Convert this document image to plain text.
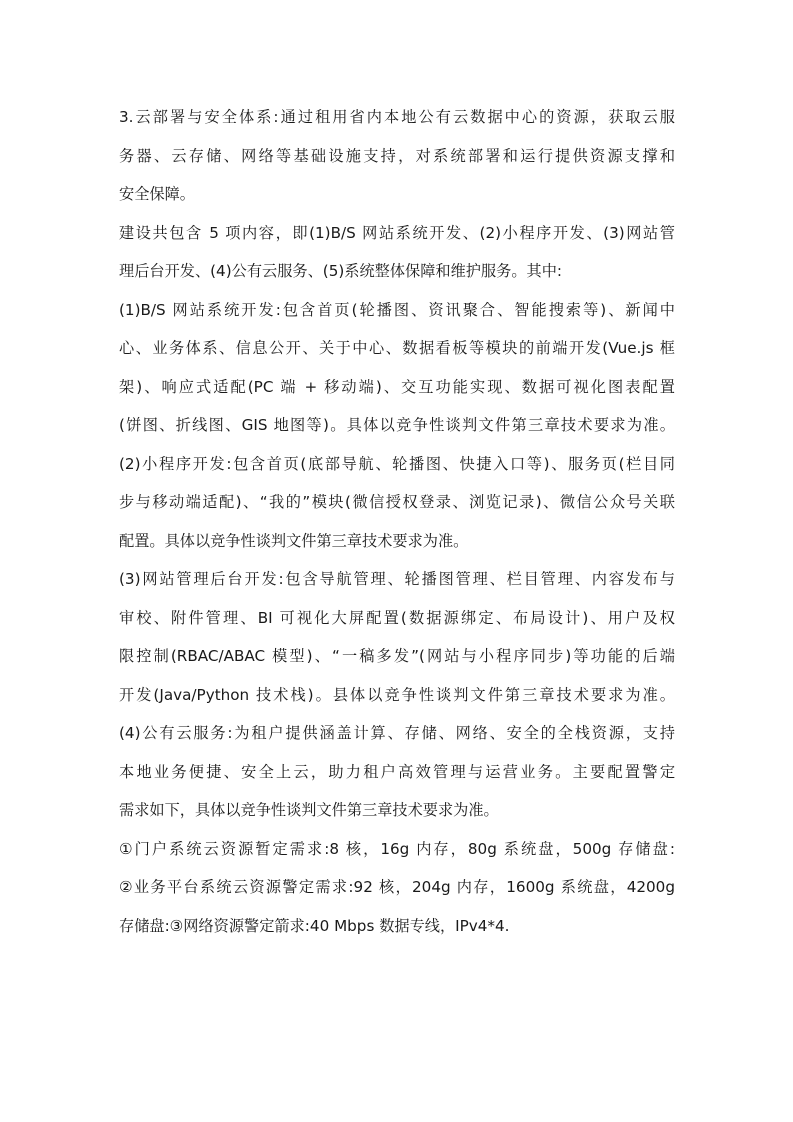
3.云部署与安全体系:通过租用省内本地公有云数据中心的资源，获取云服
务器、云存储、网络等基础设施支持，对系统部署和运行提供资源支撑和
安全保障。
建设共包含 5 项内容，即(1)B/S 网站系统开发、(2)小程序开发、(3)网站管
理后台开发、(4)公有云服务、(5)系统整体保障和维护服务。其中:
(1)B/S 网站系统开发:包含首页(轮播图、资讯聚合、智能搜索等)、新闻中
心、业务体系、信息公开、关于中心、数据看板等模块的前端开发(Vue.js 框
架)、响应式适配(PC 端 + 移动端)、交互功能实现、数据可视化图表配置
(饼图、折线图、GIS 地图等)。具体以竞争性谈判文件第三章技术要求为准。
(2)小程序开发:包含首页(底部导航、轮播图、快捷入口等)、服务页(栏目同
步与移动端适配)、“我的”模块(微信授权登录、浏览记录)、微信公众号关联
配置。具体以竞争性谈判文件第三章技术要求为准。
(3)网站管理后台开发:包含导航管理、轮播图管理、栏目管理、内容发布与
审校、附件管理、BI 可视化大屏配置(数据源绑定、布局设计)、用户及权
限控制(RBAC/ABAC 模型)、“一稿多发”(网站与小程序同步)等功能的后端
开发(Java/Python 技术栈)。县体以竞争性谈判文件第三章技术要求为准。
(4)公有云服务:为租户提供涵盖计算、存储、网络、安全的全栈资源，支持
本地业务便捷、安全上云，助力租户高效管理与运营业务。主要配置警定
需求如下，具体以竞争性谈判文件第三章技术要求为准。
①门户系统云资源暂定需求:8 核，16g 内存，80g 系统盘，500g 存储盘:
②业务平台系统云资源警定需求:92 核，204g 内存，1600g 系统盘，4200g
存储盘:③网络资源警定箭求:40 Mbps 数据专线，IPv4*4.
